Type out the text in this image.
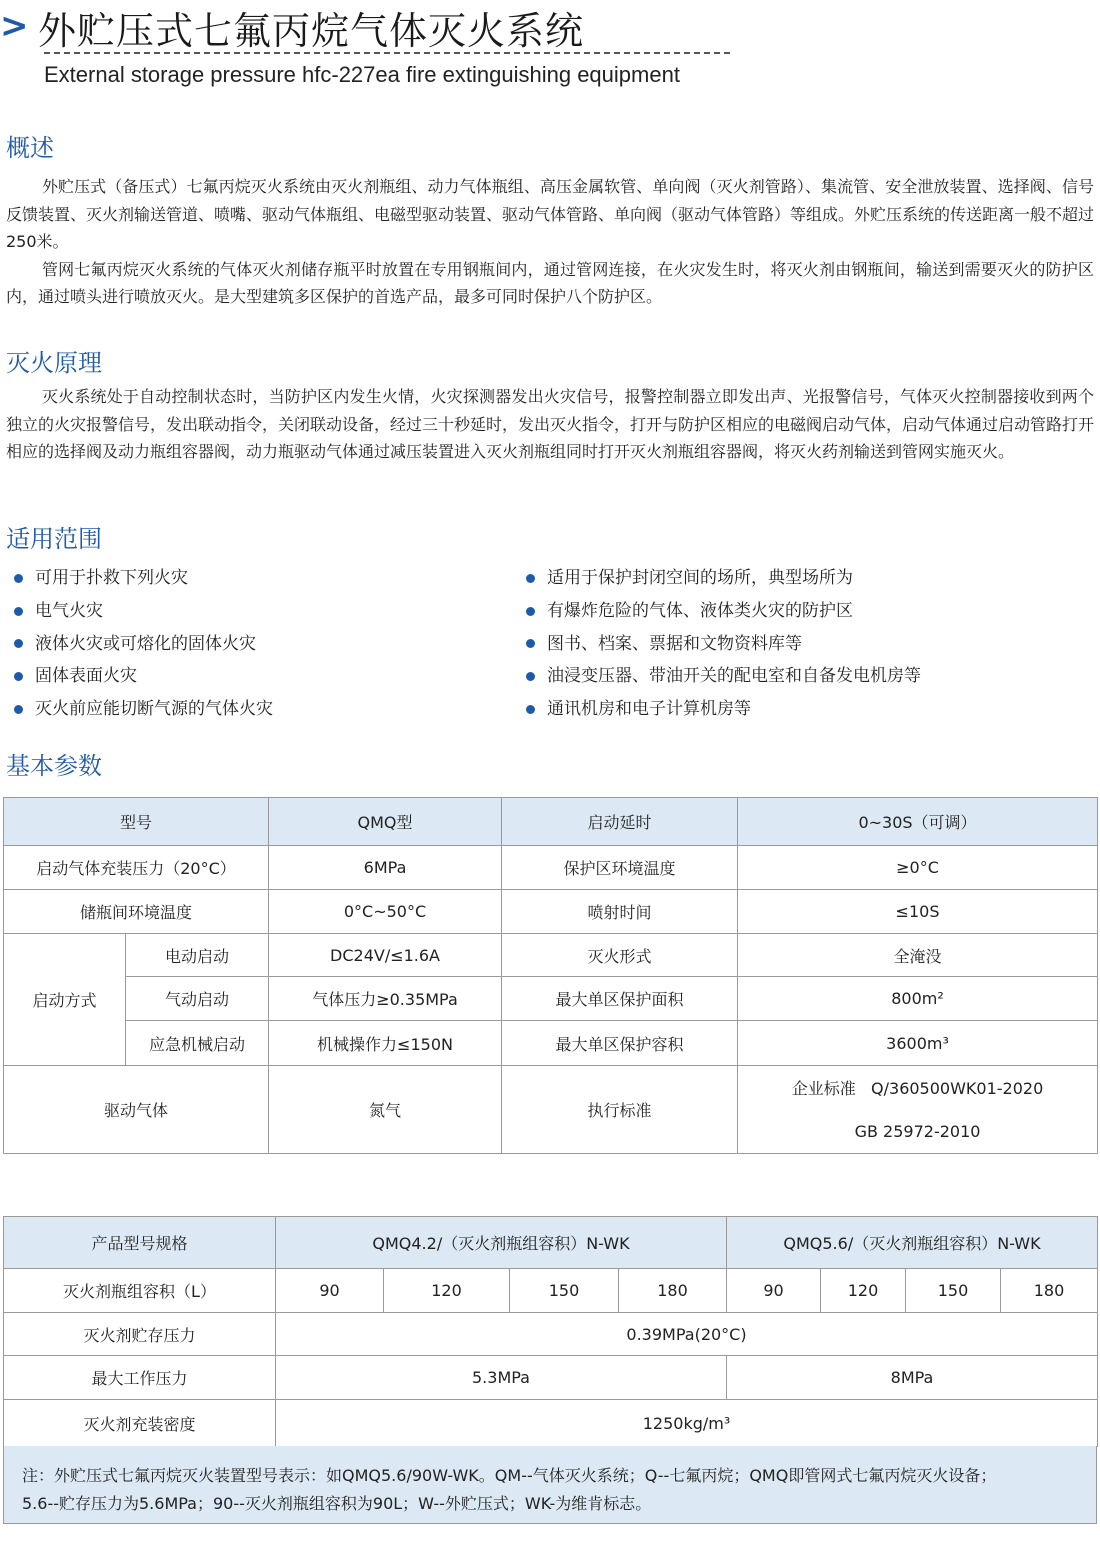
> 外贮压式七氟丙烷气体灭火系统
External storage pressure hfc-227ea fire extinguishing equipment
概述

外贮压式（备压式）七氟丙烷灭火系统由灭火剂瓶组、动力气体瓶组、高压金属软管、单向阀（灭火剂管路）、集流管、安全泄放装置、选择阀、信号反馈装置、灭火剂输送管道、喷嘴、驱动气体瓶组、电磁型驱动装置、驱动气体管路、单向阀（驱动气体管路）等组成。外贮压系统的传送距离一般不超过250米。

管网七氟丙烷灭火系统的气体灭火剂储存瓶平时放置在专用钢瓶间内，通过管网连接，在火灾发生时，将灭火剂由钢瓶间，输送到需要灭火的防护区内，通过喷头进行喷放灭火。是大型建筑多区保护的首选产品，最多可同时保护八个防护区。

灭火原理

灭火系统处于自动控制状态时，当防护区内发生火情，火灾探测器发出火灾信号，报警控制器立即发出声、光报警信号，气体灭火控制器接收到两个独立的火灾报警信号，发出联动指令，关闭联动设备，经过三十秒延时，发出灭火指令，打开与防护区相应的电磁阀启动气体，启动气体通过启动管路打开相应的选择阀及动力瓶组容器阀，动力瓶驱动气体通过减压装置进入灭火剂瓶组同时打开灭火剂瓶组容器阀，将灭火药剂输送到管网实施灭火。

适用范围
可用于扑救下列火灾
电气火灾
液体火灾或可熔化的固体火灾
固体表面火灾
灭火前应能切断气源的气体火灾
适用于保护封闭空间的场所，典型场所为
有爆炸危险的气体、液体类火灾的防护区
图书、档案、票据和文物资料库等
油浸变压器、带油开关的配电室和自备发电机房等
通讯机房和电子计算机房等
基本参数
型号		QMQ型	启动延时	0~30S（可调）
启动气体充装压力（20°C）		6MPa	保护区环境温度	≥0°C
储瓶间环境温度		0°C~50°C	喷射时间	≤10S
启动方式	电动启动	DC24V/≤1.6A	灭火形式	全淹没
	气动启动	气体压力≥0.35MPa	最大单区保护面积	800m²
	应急机械启动	机械操作力≤150N	最大单区保护容积	3600m³
驱动气体		氮气	执行标准	企业标准   Q/360500WK01-2020
GB 25972-2010
产品型号规格	QMQ4.2/（灭火剂瓶组容积）N-WK				QMQ5.6/（灭火剂瓶组容积）N-WK			
灭火剂瓶组容积（L）	90	120	150	180	90	120	150	180
灭火剂贮存压力	0.39MPa(20°C)							
最大工作压力	5.3MPa				8MPa			
灭火剂充装密度	1250kg/m³							
注：外贮压式七氟丙烷灭火装置型号表示：如QMQ5.6/90W-WK。QM--气体灭火系统；Q--七氟丙烷；QMQ即管网式七氟丙烷灭火设备；
5.6--贮存压力为5.6MPa；90--灭火剂瓶组容积为90L；W--外贮压式；WK-为维肯标志。
